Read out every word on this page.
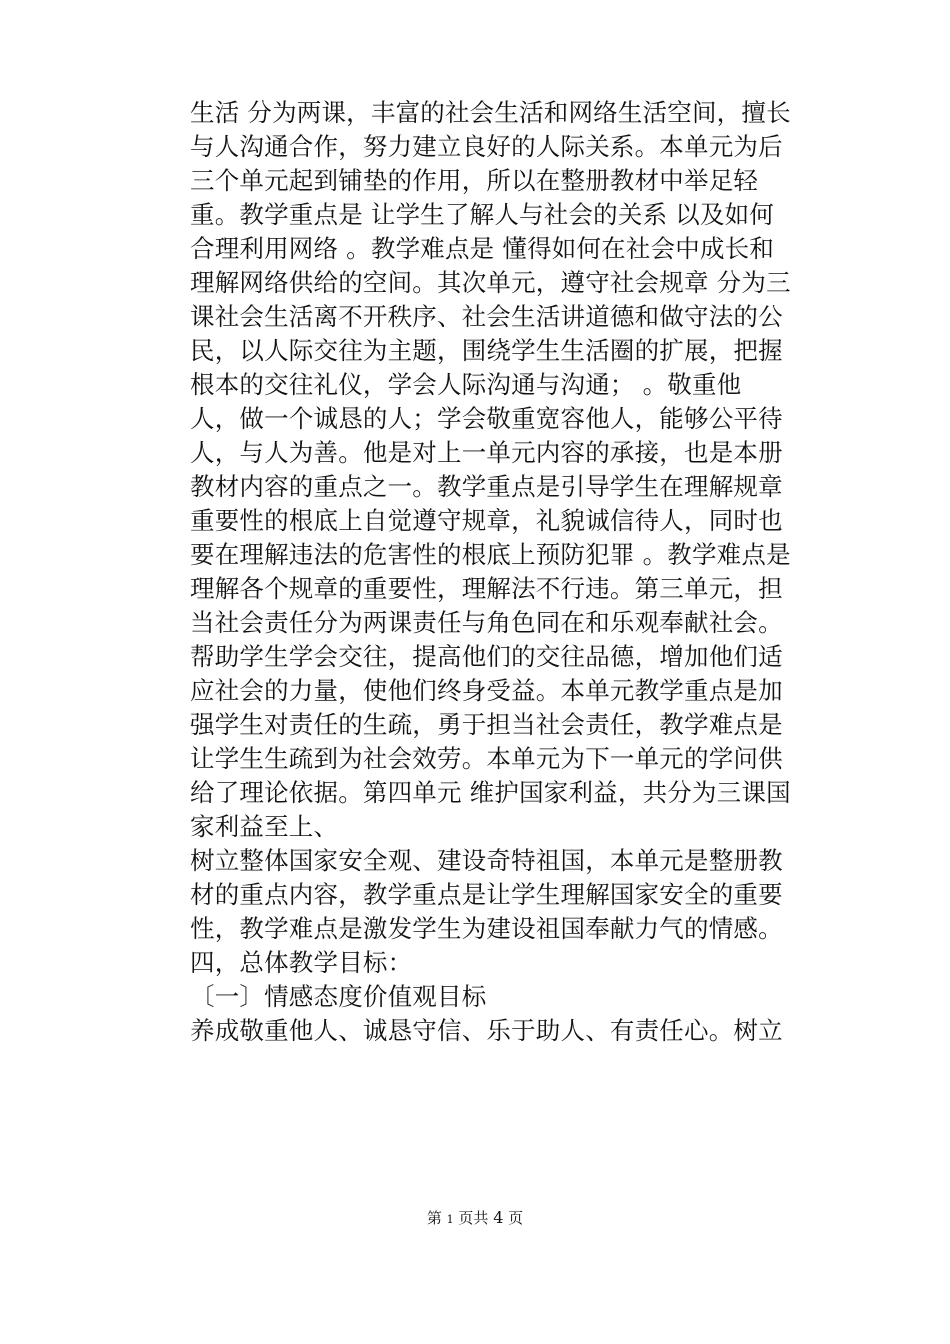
生活 分为两课，丰富的社会生活和网络生活空间，擅长
与人沟通合作，努力建立良好的人际关系。本单元为后
三个单元起到铺垫的作用，所以在整册教材中举足轻
重。教学重点是 让学生了解人与社会的关系 以及如何
合理利用网络 。教学难点是 懂得如何在社会中成长和
理解网络供给的空间。其次单元，遵守社会规章 分为三
课社会生活离不开秩序、社会生活讲道德和做守法的公
民，以人际交往为主题，围绕学生生活圈的扩展，把握
根本的交往礼仪，学会人际沟通与沟通； 。敬重他
人，做一个诚恳的人；学会敬重宽容他人，能够公平待
人，与人为善。他是对上一单元内容的承接，也是本册
教材内容的重点之一。教学重点是引导学生在理解规章
重要性的根底上自觉遵守规章，礼貌诚信待人，同时也
要在理解违法的危害性的根底上预防犯罪 。教学难点是
理解各个规章的重要性，理解法不行违。第三单元，担
当社会责任分为两课责任与角色同在和乐观奉献社会。
帮助学生学会交往，提高他们的交往品德，增加他们适
应社会的力量，使他们终身受益。本单元教学重点是加
强学生对责任的生疏，勇于担当社会责任，教学难点是
让学生生疏到为社会效劳。本单元为下一单元的学问供
给了理论依据。第四单元 维护国家利益，共分为三课国
家利益至上、
树立整体国家安全观、建设奇特祖国，本单元是整册教
材的重点内容，教学重点是让学生理解国家安全的重要
性，教学难点是激发学生为建设祖国奉献力气的情感。
四，总体教学目标：
〔一〕情感态度价值观目标
养成敬重他人、诚恳守信、乐于助人、有责任心。树立
第 1 页共 4 页
